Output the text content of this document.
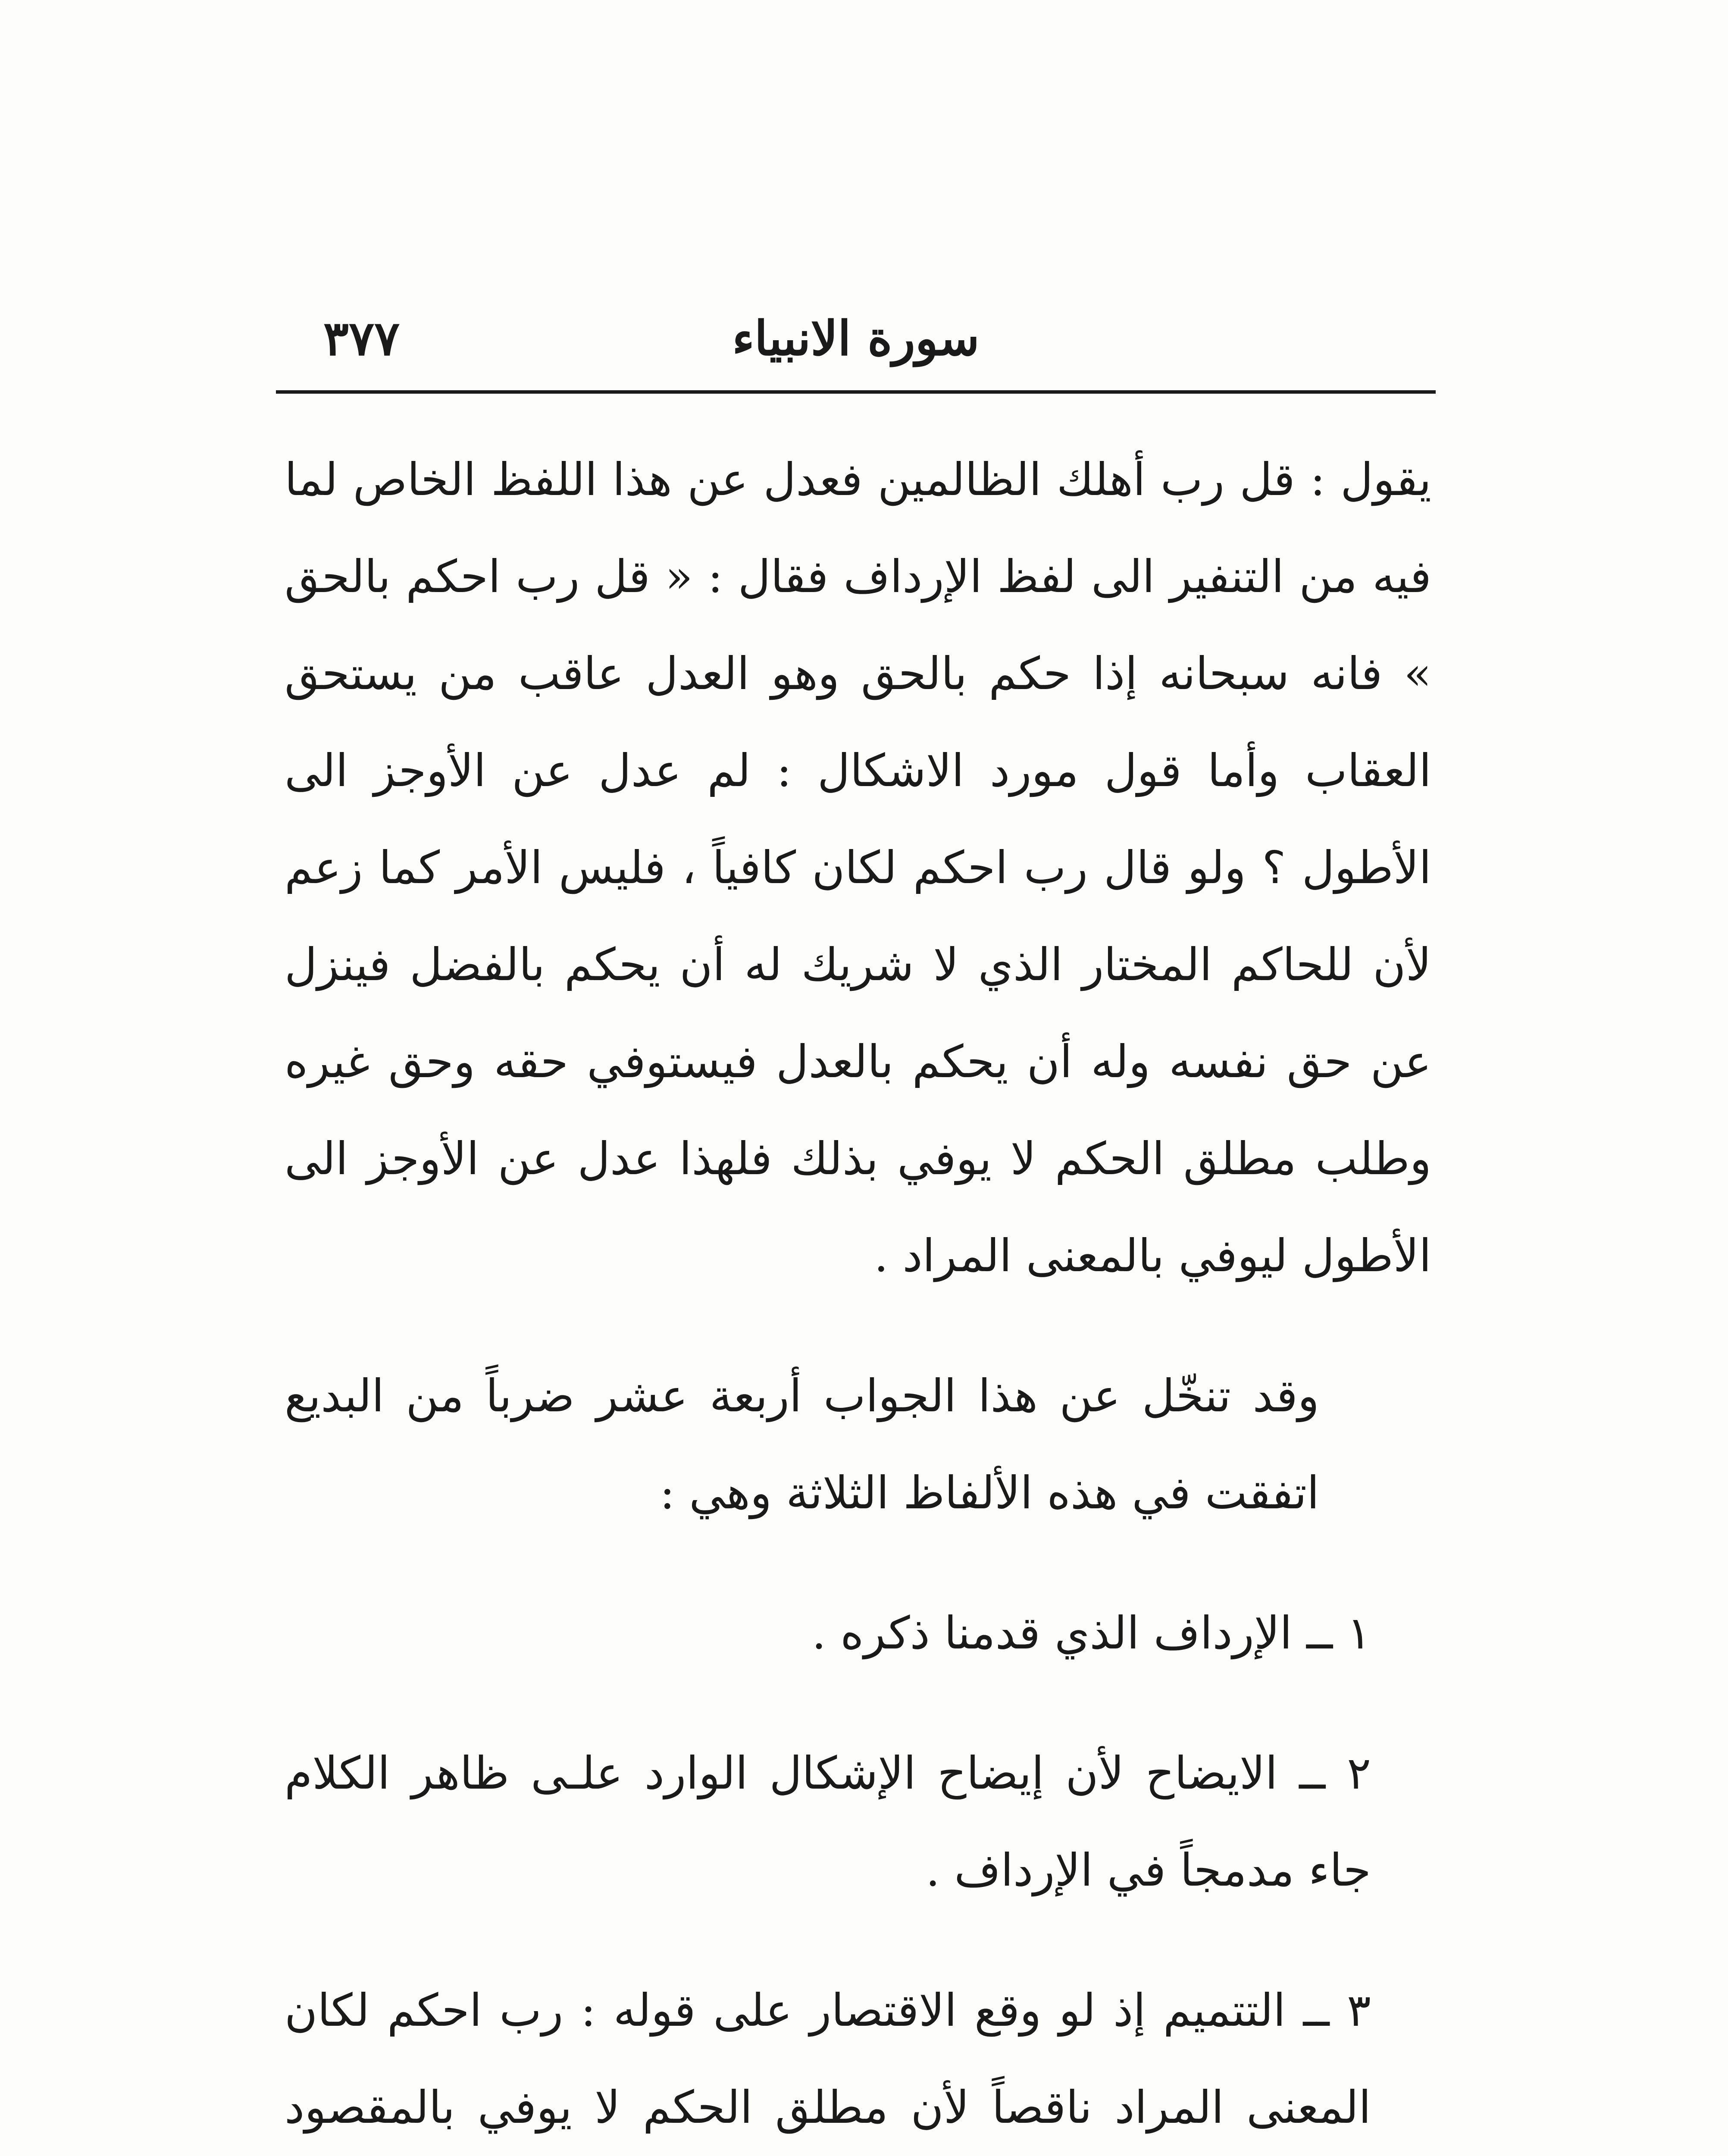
سورة الانبياء
٣٧٧

يقول : قل رب أهلك الظالمين فعدل عن هذا اللفظ الخاص لما فيه من التنفير الى لفظ الإرداف فقال : « قل رب احكم بالحق » فانه سبحانه إذا حكم بالحق وهو العدل عاقب من يستحق العقاب وأما قول مورد الاشكال : لم عدل عن الأوجز الى الأطول ؟ ولو قال رب احكم لكان كافياً ، فليس الأمر كما زعم لأن للحاكم المختار الذي لا شريك له أن يحكم بالفضل فينزل عن حق نفسه وله أن يحكم بالعدل فيستوفي حقه وحق غيره وطلب مطلق الحكم لا يوفي بذلك فلهذا عدل عن الأوجز الى الأطول ليوفي بالمعنى المراد .

وقد تنخّل عن هذا الجواب أربعة عشر ضرباً من البديع اتفقت في هذه الألفاظ الثلاثة وهي :

١ ــ الإرداف الذي قدمنا ذكره .

٢ ــ الايضاح لأن إيضاح الإشكال الوارد علـى ظاهر الكلام جاء مدمجاً في الإرداف .

٣ ــ التتميم إذ لو وقع الاقتصار على قوله : رب احكم لكان المعنى المراد ناقصاً لأن مطلق الحكم لا يوفي بالمقصود
